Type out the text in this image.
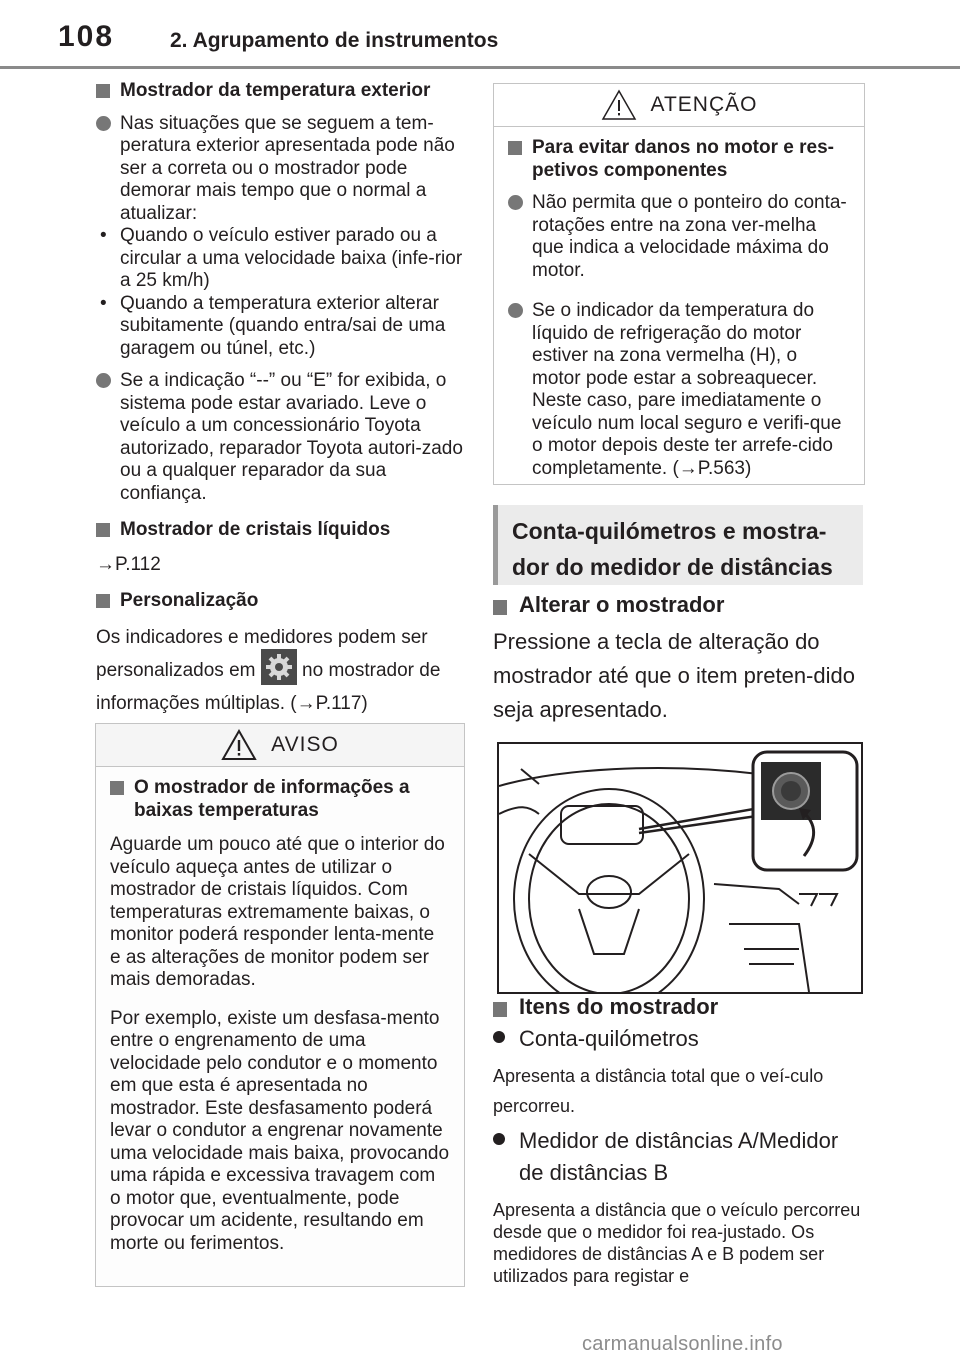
108	2. Agrupamento de instrumentos

Mostrador da temperatura exterior

Nas situações que se seguem a tem-peratura exterior apresentada pode não ser a correta ou o mostrador pode demorar mais tempo que o normal a atualizar:

• Quando o veículo estiver parado ou a circular a uma velocidade baixa (infe-rior a 25 km/h)

• Quando a temperatura exterior alterar subitamente (quando entra/sai de uma garagem ou túnel, etc.)

Se a indicação “--” ou “E” for exibida, o sistema pode estar avariado. Leve o veículo a um concessionário Toyota autorizado, reparador Toyota autori-zado ou a qualquer reparador da sua confiança.

Mostrador de cristais líquidos

→P.112

Personalização

Os indicadores e medidores podem ser
personalizados em no mostrador de
informações múltiplas. (→P.117)

AVISO

O mostrador de informações a baixas temperaturas

Aguarde um pouco até que o interior do veículo aqueça antes de utilizar o mostrador de cristais líquidos. Com temperaturas extremamente baixas, o monitor poderá responder lenta-mente e as alterações de monitor podem ser mais demoradas.

Por exemplo, existe um desfasa-mento entre o engrenamento de uma velocidade pelo condutor e o momento em que esta é apresentada no mostrador. Este desfasamento poderá levar o condutor a engrenar novamente uma velocidade mais baixa, provocando uma rápida e excessiva travagem com o motor que, eventualmente, pode provocar um acidente, resultando em morte ou ferimentos.

ATENÇÃO

Para evitar danos no motor e res-petivos componentes

Não permita que o ponteiro do conta-rotações entre na zona ver-melha que indica a velocidade máxima do motor.

Se o indicador da temperatura do líquido de refrigeração do motor estiver na zona vermelha (H), o motor pode estar a sobreaquecer. Neste caso, pare imediatamente o veículo num local seguro e verifi-que o motor depois deste ter arrefe-cido completamente. (→P.563)

Conta-quilómetros e mostra-dor do medidor de distâncias
Alterar o mostrador

Pressione a tecla de alteração do mostrador até que o item preten-dido seja apresentado.

Itens do mostrador
Conta-quilómetros

Apresenta a distância total que o veí-culo percorreu.

Medidor de distâncias A/Medidor de distâncias B

Apresenta a distância que o veículo percorreu desde que o medidor foi rea-justado. Os medidores de distâncias A e B podem ser utilizados para registar e

carmanualsonline.info
